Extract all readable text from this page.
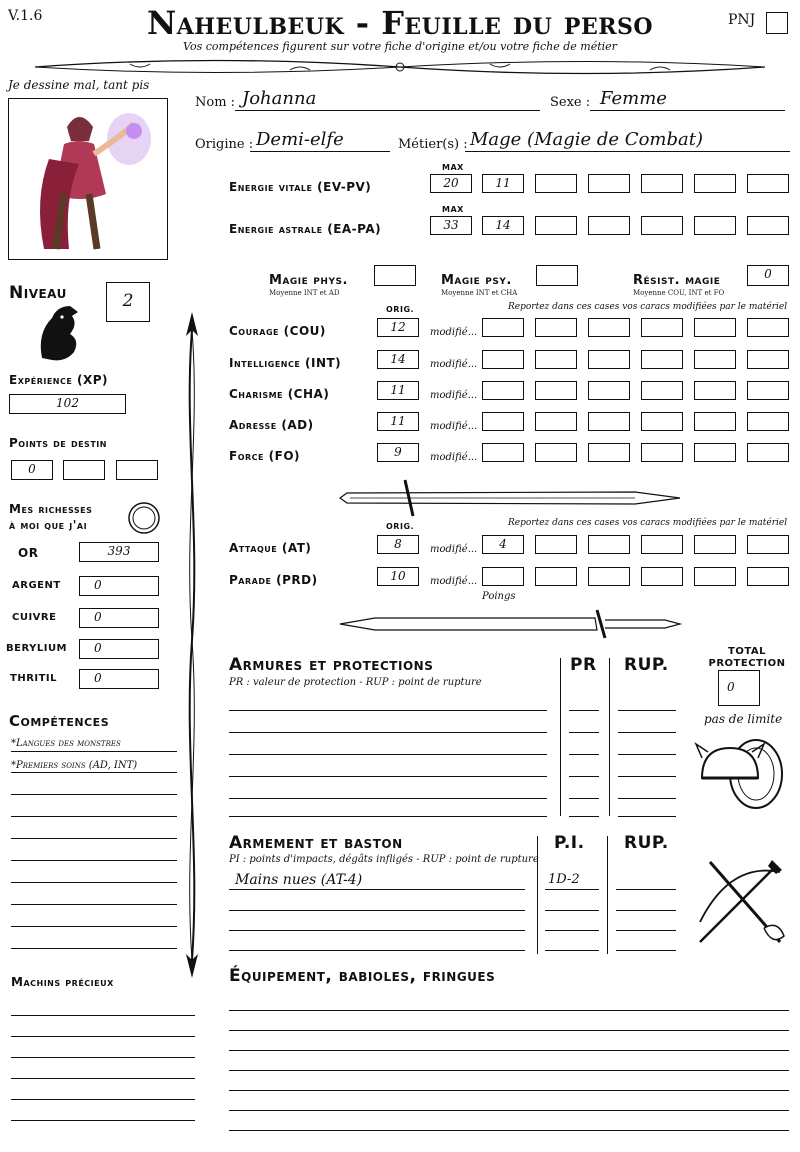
V.1.6	Naheulbeuk - Feuille du perso
Vos compétences figurent sur votre fiche d'origine et/ou votre fiche de métier
PNJ
Je dessine mal, tant pis
Nom : Johanna	Sexe : Femme
Origine : Demi-elfe	Métier(s) : Mage (Magie de Combat)
MAX
Energie vitale (EV-PV)	20	11
MAX
Energie astrale (EA-PA)	33	14
Magie phys.
Moyenne INT et AD
Magie psy.
Moyenne INT et CHA
Résist. magie
Moyenne COU, INT et FO
0
Niveau	2
Expérience (XP)
102
Points de destin
0
Mes richesses
à moi que j'ai
OR	393
ARGENT	0
CUIVRE	0
BERYLIUM	0
THRITIL	0
Compétences
*Langues des monstres
*Premiers soins (AD, INT)
Machins précieux
ORIG.	Reportez dans ces cases vos caracs modifiées par le matériel
Courage (COU)	12	modifié...
Intelligence (INT)	14	modifié...
Charisme (CHA)	11	modifié...
Adresse (AD)	11	modifié...
Force (FO)	9	modifié...
ORIG.	Reportez dans ces cases vos caracs modifiées par le matériel
Attaque (AT)	8	modifié...	4
Parade (PRD)	10	modifié...
Poings
Armures et protections
PR : valeur de protection - RUP : point de rupture
PR RUP.
TOTAL
PROTECTION
0
pas de limite
Armement et baston
PI : points d'impacts, dégâts infligés - RUP : point de rupture
P.I. RUP.
Mains nues (AT-4)	1D-2
Équipement, babioles, fringues
